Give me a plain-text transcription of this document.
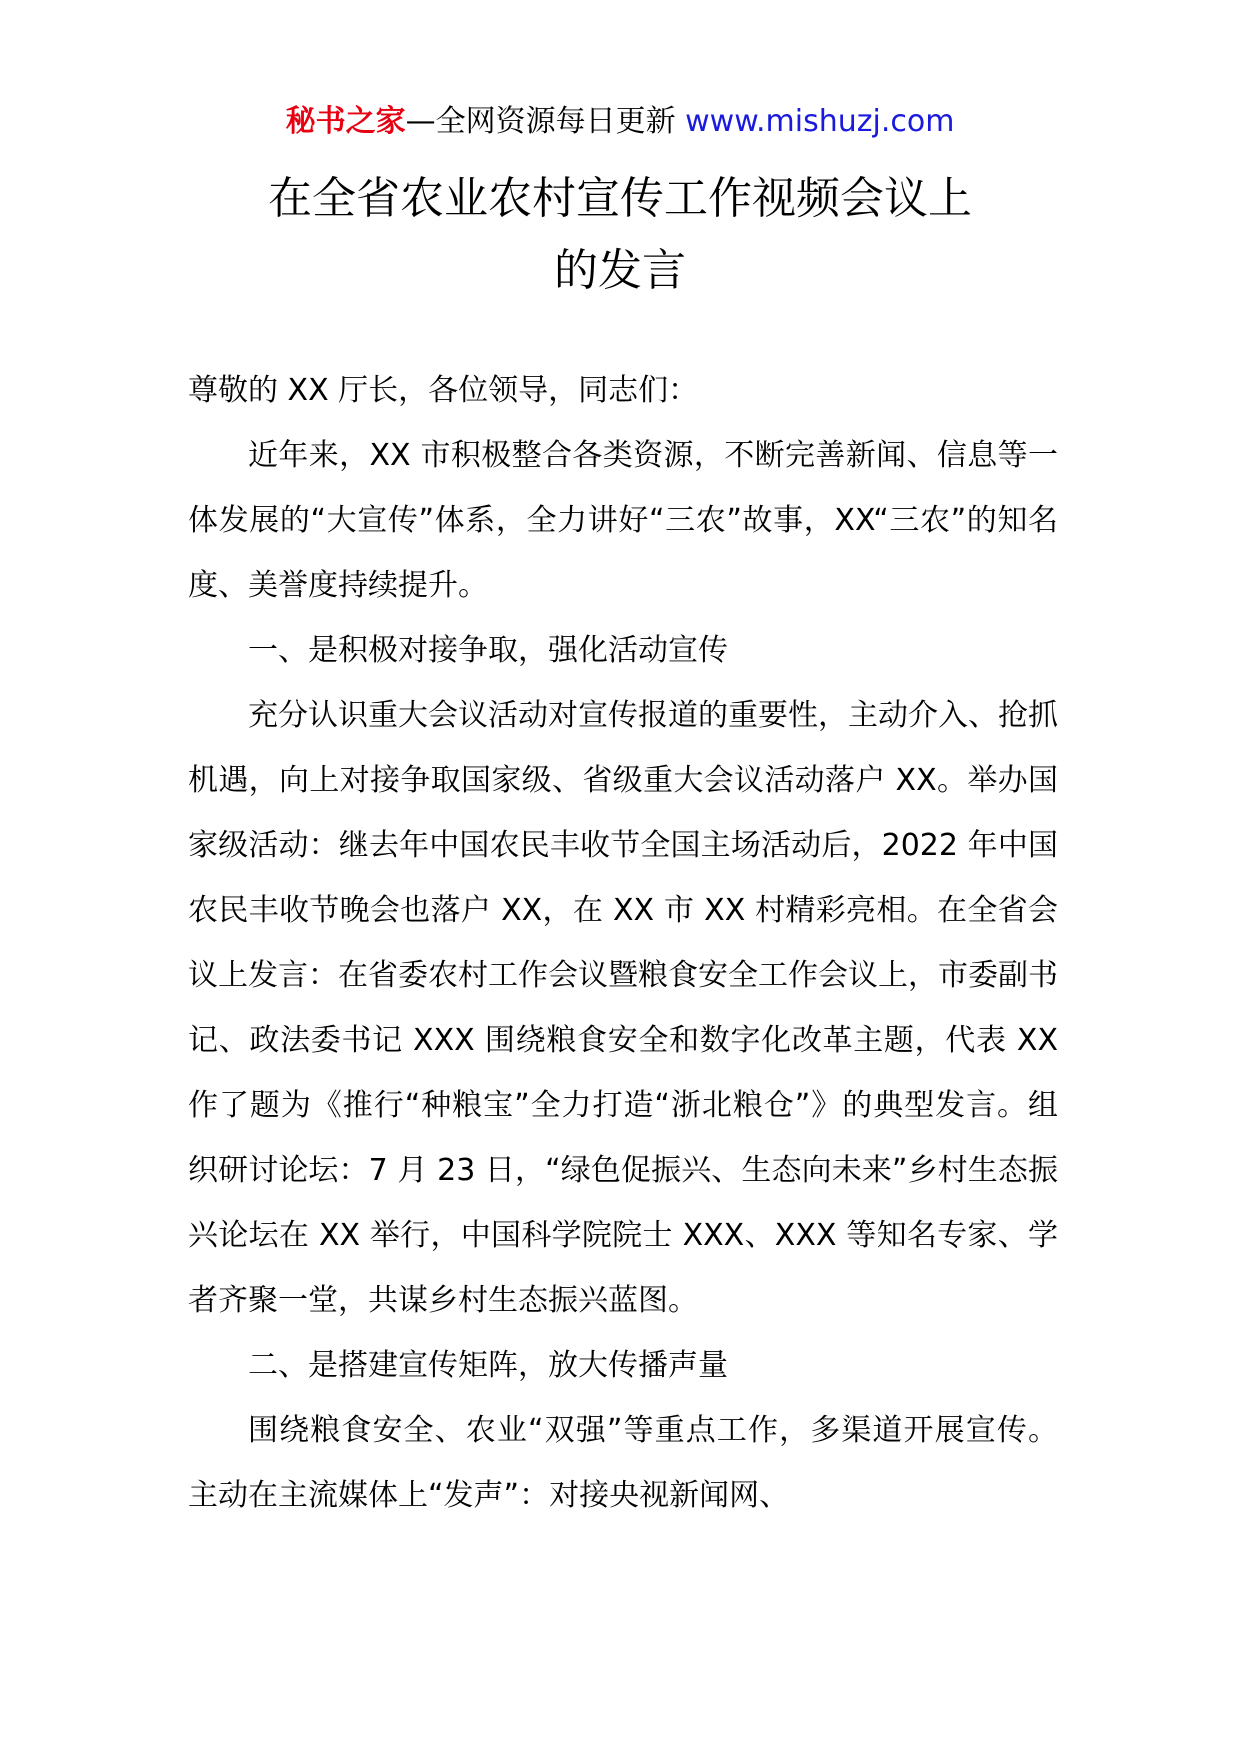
秘书之家—全网资源每日更新 www.mishuzj.com
在全省农业农村宣传工作视频会议上
的发言

尊敬的 XX 厅长，各位领导，同志们：

近年来，XX 市积极整合各类资源，不断完善新闻、信息等一体发展的“大宣传”体系，全力讲好“三农”故事，XX“三农”的知名度、美誉度持续提升。

一、是积极对接争取，强化活动宣传

充分认识重大会议活动对宣传报道的重要性，主动介入、抢抓机遇，向上对接争取国家级、省级重大会议活动落户 XX。举办国家级活动：继去年中国农民丰收节全国主场活动后，2022 年中国农民丰收节晚会也落户 XX，在 XX 市 XX 村精彩亮相。在全省会议上发言：在省委农村工作会议暨粮食安全工作会议上，市委副书记、政法委书记 XXX 围绕粮食安全和数字化改革主题，代表 XX 作了题为《推行“种粮宝”全力打造“浙北粮仓”》的典型发言。组织研讨论坛：7 月 23 日，“绿色促振兴、生态向未来”乡村生态振兴论坛在 XX 举行，中国科学院院士 XXX、XXX 等知名专家、学者齐聚一堂，共谋乡村生态振兴蓝图。

二、是搭建宣传矩阵，放大传播声量

围绕粮食安全、农业“双强”等重点工作，多渠道开展宣传。主动在主流媒体上“发声”：对接央视新闻网、
